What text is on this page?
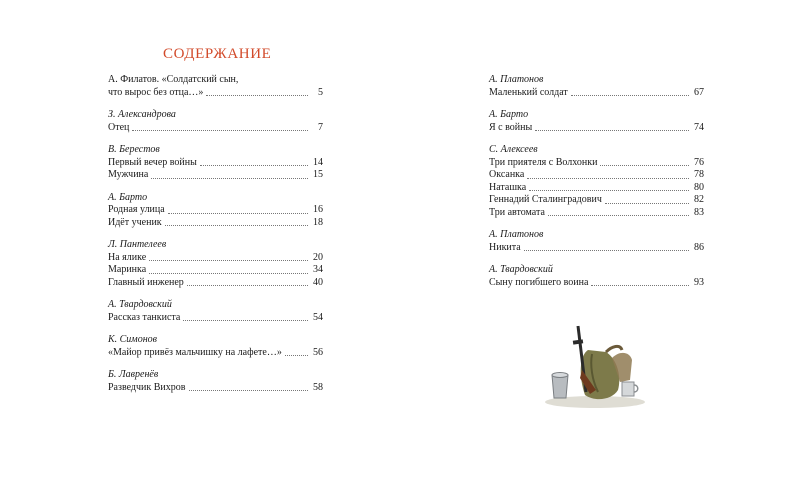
СОДЕРЖАНИЕ
А. Филатов. «Солдатский сын,
что вырос без отца…»	5
З. Александрова
Отец	7
В. Берестов
Первый вечер войны	14
Мужчина	15
А. Барто
Родная улица	16
Идёт ученик	18
Л. Пантелеев
На ялике	20
Маринка	34
Главный инженер	40
А. Твардовский
Рассказ танкиста	54
К. Симонов
«Майор привёз мальчишку на лафете…»	56
Б. Лавренёв
Разведчик Вихров	58
А. Платонов
Маленький солдат	67
А. Барто
Я с войны	74
С. Алексеев
Три приятеля с Волхонки	76
Оксанка	78
Наташка	80
Геннадий Сталинградович	82
Три автомата	83
А. Платонов
Никита	86
А. Твардовский
Сыну погибшего воина	93
